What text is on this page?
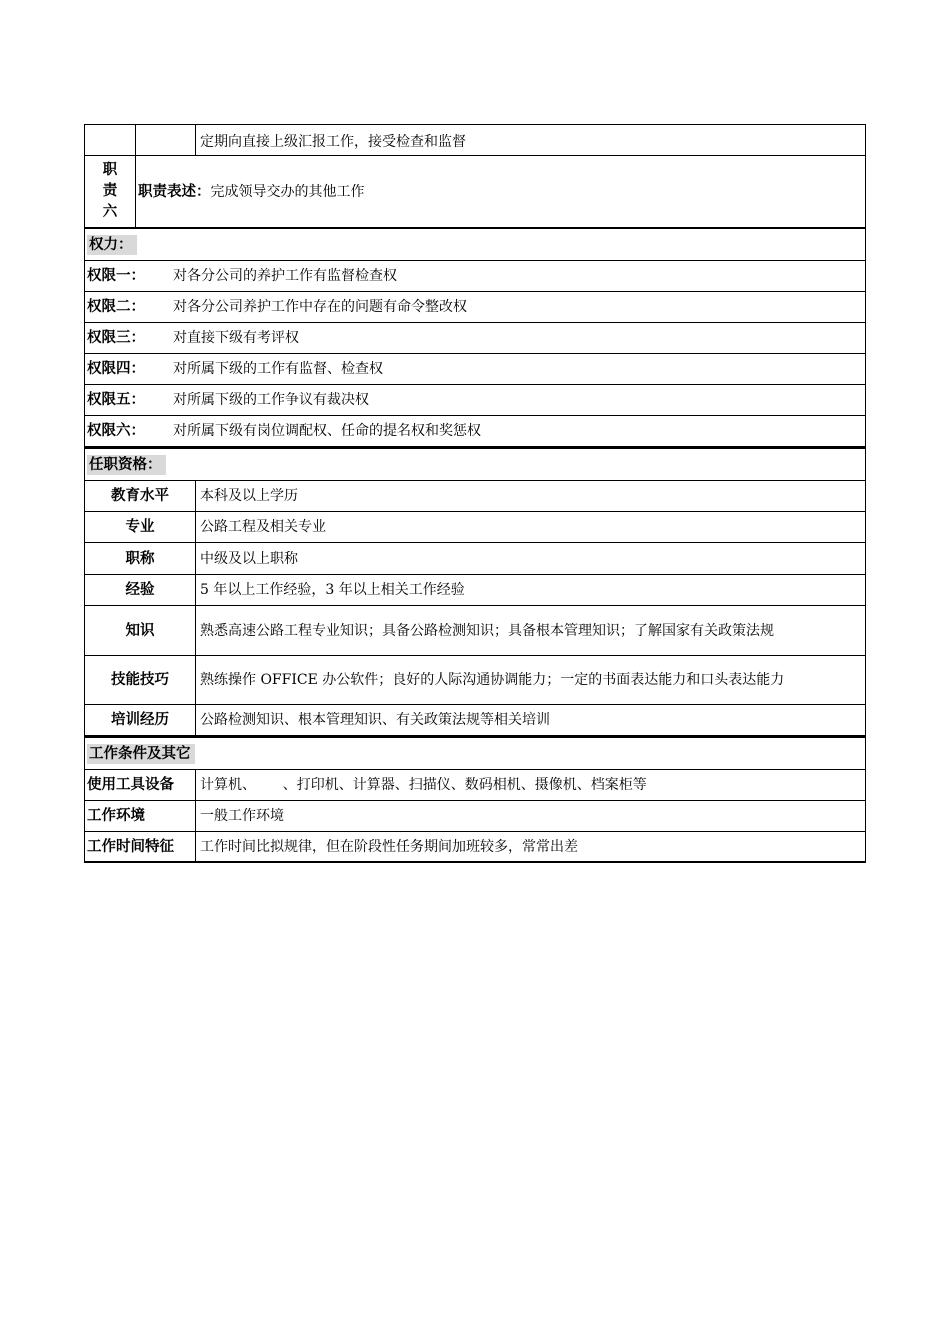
定期向直接上级汇报工作，接受检查和监督
职
责
六
职责表述： 完成领导交办的其他工作
权力：
权限一：	对各分公司的养护工作有监督检查权
权限二：	对各分公司养护工作中存在的问题有命令整改权
权限三：	对直接下级有考评权
权限四：	对所属下级的工作有监督、检查权
权限五：	对所属下级的工作争议有裁决权
权限六：	对所属下级有岗位调配权、任命的提名权和奖惩权
任职资格：
教育水平	本科及以上学历
专业	公路工程及相关专业
职称	中级及以上职称
经验	5 年以上工作经验，3 年以上相关工作经验
知识	熟悉高速公路工程专业知识；具备公路检测知识；具备根本管理知识；了解国家有关政策法规
技能技巧	熟练操作 OFFICE 办公软件；良好的人际沟通协调能力；一定的书面表达能力和口头表达能力
培训经历	公路检测知识、根本管理知识、有关政策法规等相关培训
工作条件及其它
使用工具设备	计算机、      、打印机、计算器、扫描仪、数码相机、摄像机、档案柜等
工作环境	一般工作环境
工作时间特征	工作时间比拟规律，但在阶段性任务期间加班较多，常常出差
